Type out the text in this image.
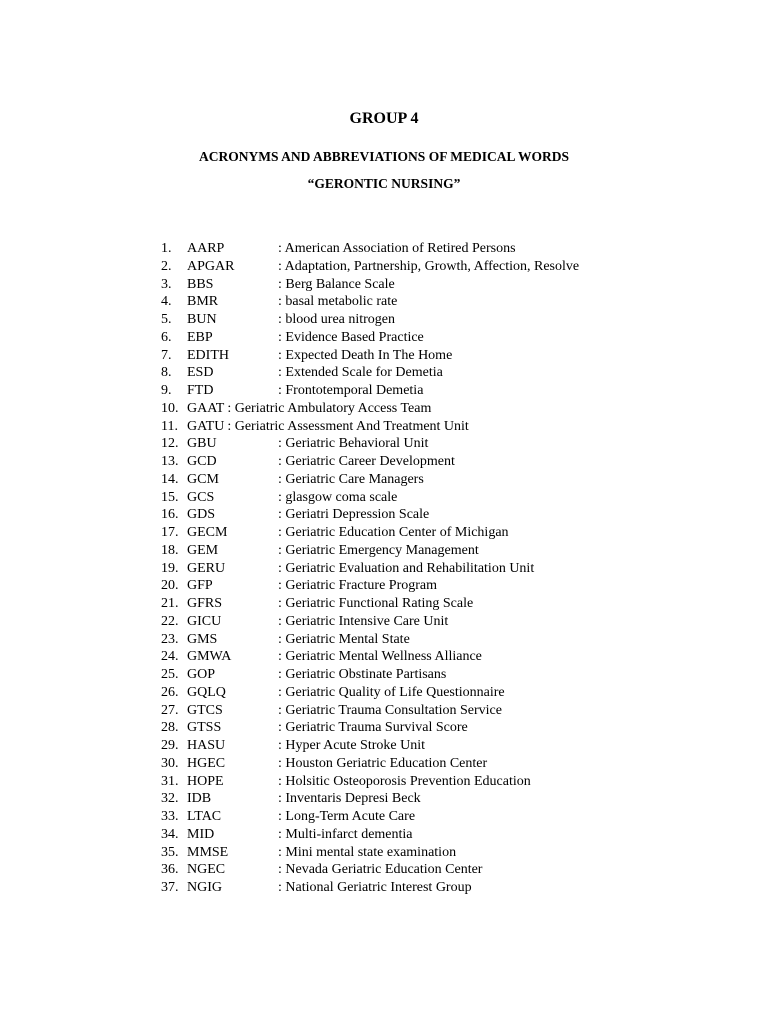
GROUP 4

ACRONYMS AND ABBREVIATIONS OF MEDICAL WORDS

“GERONTIC NURSING”

1. AARP	: American Association of Retired Persons
2. APGAR	: Adaptation, Partnership, Growth, Affection, Resolve
3. BBS	: Berg Balance Scale
4. BMR	: basal metabolic rate
5. BUN	: blood urea nitrogen
6. EBP	: Evidence Based Practice
7. EDITH	: Expected Death In The Home
8. ESD	: Extended Scale for Demetia
9. FTD	: Frontotemporal Demetia
10. GAAT : Geriatric Ambulatory Access Team
11. GATU : Geriatric Assessment And Treatment Unit
12. GBU	: Geriatric Behavioral Unit
13. GCD	: Geriatric Career Development
14. GCM	: Geriatric Care Managers
15. GCS	: glasgow coma scale
16. GDS	: Geriatri Depression Scale
17. GECM	: Geriatric Education Center of Michigan
18. GEM	: Geriatric Emergency Management
19. GERU	: Geriatric Evaluation and Rehabilitation Unit
20. GFP	: Geriatric Fracture Program
21. GFRS	: Geriatric Functional Rating Scale
22. GICU	: Geriatric Intensive Care Unit
23. GMS	: Geriatric Mental State
24. GMWA	: Geriatric Mental Wellness Alliance
25. GOP	: Geriatric Obstinate Partisans
26. GQLQ	: Geriatric Quality of Life Questionnaire
27. GTCS	: Geriatric Trauma Consultation Service
28. GTSS	: Geriatric Trauma Survival Score
29. HASU	: Hyper Acute Stroke Unit
30. HGEC	: Houston Geriatric Education Center
31. HOPE	: Holsitic Osteoporosis Prevention Education
32. IDB	: Inventaris Depresi Beck
33. LTAC	: Long-Term Acute Care
34. MID	: Multi-infarct dementia
35. MMSE	: Mini mental state examination
36. NGEC	: Nevada Geriatric Education Center
37. NGIG	: National Geriatric Interest Group
